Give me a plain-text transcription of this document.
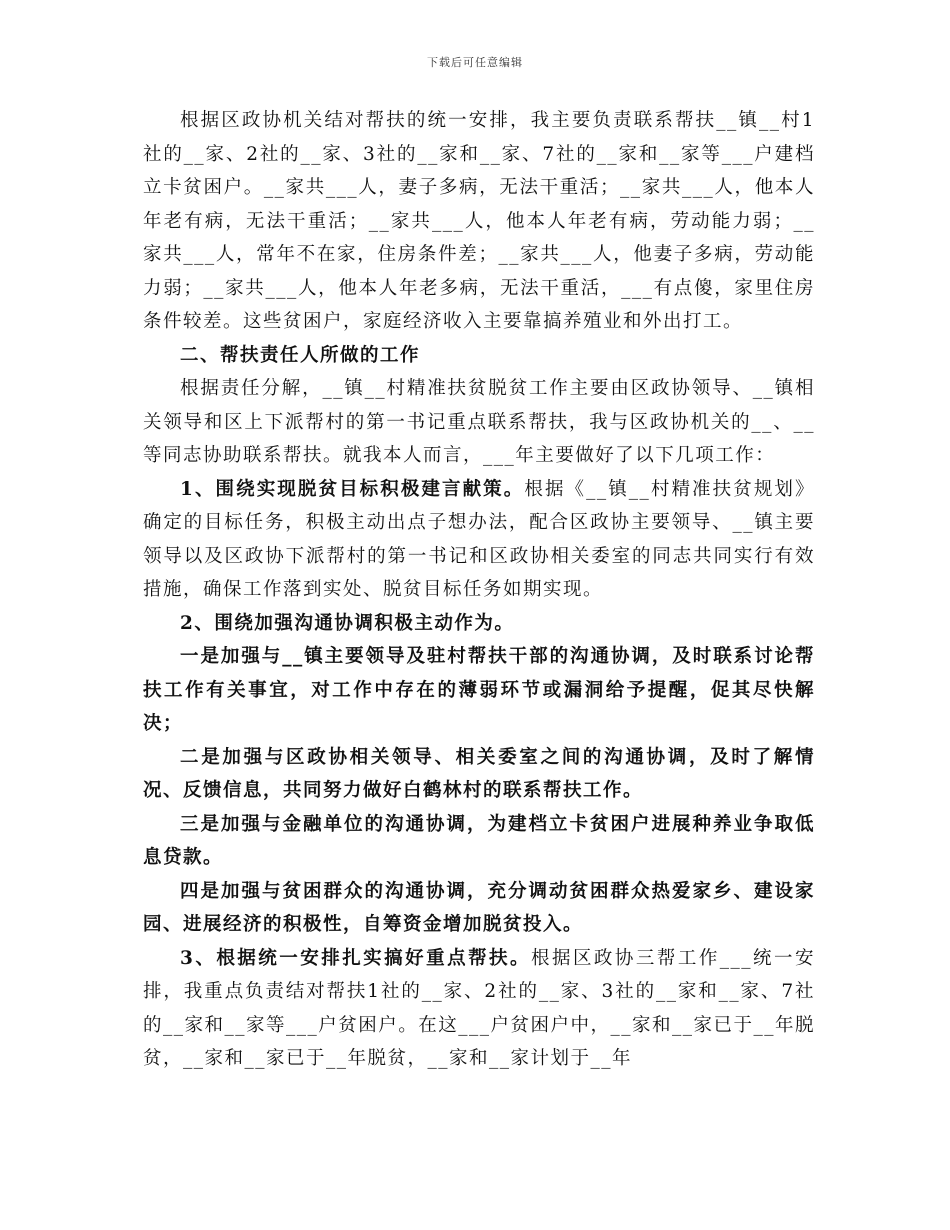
下载后可任意编辑

根据区政协机关结对帮扶的统一安排，我主要负责联系帮扶__镇__村1社的__家、2社的__家、3社的__家和__家、7社的__家和__家等___户建档立卡贫困户。__家共___人，妻子多病，无法干重活；__家共___人，他本人年老有病，无法干重活；__家共___人，他本人年老有病，劳动能力弱；__家共___人，常年不在家，住房条件差；__家共___人，他妻子多病，劳动能力弱；__家共___人，他本人年老多病，无法干重活，___有点傻，家里住房条件较差。这些贫困户，家庭经济收入主要靠搞养殖业和外出打工。

二、帮扶责任人所做的工作

根据责任分解，__镇__村精准扶贫脱贫工作主要由区政协领导、__镇相关领导和区上下派帮村的第一书记重点联系帮扶，我与区政协机关的__、__等同志协助联系帮扶。就我本人而言，___年主要做好了以下几项工作：

1、围绕实现脱贫目标积极建言献策。根据《__镇__村精准扶贫规划》确定的目标任务，积极主动出点子想办法，配合区政协主要领导、__镇主要领导以及区政协下派帮村的第一书记和区政协相关委室的同志共同实行有效措施，确保工作落到实处、脱贫目标任务如期实现。

2、围绕加强沟通协调积极主动作为。

一是加强与__镇主要领导及驻村帮扶干部的沟通协调，及时联系讨论帮扶工作有关事宜，对工作中存在的薄弱环节或漏洞给予提醒，促其尽快解决；

二是加强与区政协相关领导、相关委室之间的沟通协调，及时了解情况、反馈信息，共同努力做好白鹤林村的联系帮扶工作。

三是加强与金融单位的沟通协调，为建档立卡贫困户进展种养业争取低息贷款。

四是加强与贫困群众的沟通协调，充分调动贫困群众热爱家乡、建设家园、进展经济的积极性，自筹资金增加脱贫投入。

3、根据统一安排扎实搞好重点帮扶。根据区政协三帮工作___统一安排，我重点负责结对帮扶1社的__家、2社的__家、3社的__家和__家、7社的__家和__家等___户贫困户。在这___户贫困户中，__家和__家已于__年脱贫，__家和__家已于__年脱贫，__家和__家计划于__年
